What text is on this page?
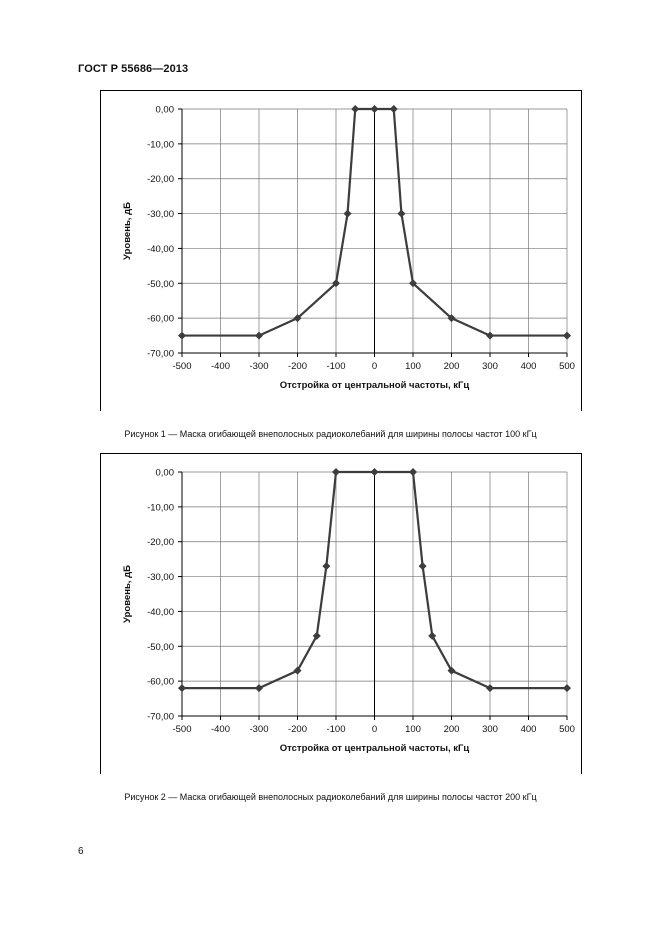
ГОСТ Р 55686—2013
0,00
-10,00
-20,00
-30,00
-40,00
-50,00
-60,00
-70,00
-500 -400 -300 -200 -100	0	100 200 300 400 500
Отстройка от центральной частоты, кГц
Уровень, дБ
Рисунок 1 — Маска огибающей внеполосных радиоколебаний для ширины полосы частот 100 кГц
0,00
-10,00
-20,00
-30,00
-40,00
-50,00
-60,00
-70,00
-500 -400 -300 -200 -100	0	100 200 300 400 500
Отстройка от центральной частоты, кГц
Уровень, дБ
Рисунок 2 — Маска огибающей внеполосных радиоколебаний для ширины полосы частот 200 кГц
6
